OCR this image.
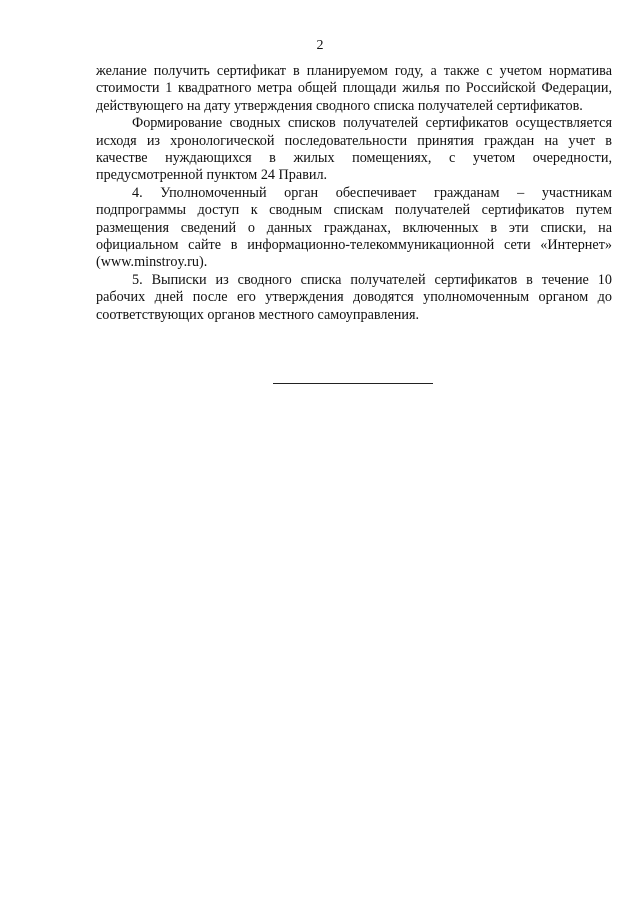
2

желание получить сертификат в планируемом году, а также с учетом норматива стоимости 1 квадратного метра общей площади жилья по Российской Федерации, действующего на дату утверждения сводного списка получателей сертификатов.

Формирование сводных списков получателей сертификатов осуществляется исходя из хронологической последовательности принятия граждан на учет в качестве нуждающихся в жилых помещениях, с учетом очередности, предусмотренной пунктом 24 Правил.

4. Уполномоченный орган обеспечивает гражданам – участникам подпрограммы доступ к сводным спискам получателей сертификатов путем размещения сведений о данных гражданах, включенных в эти списки, на официальном сайте в информационно-телекоммуникационной сети «Интернет» (www.minstroy.ru).

5. Выписки из сводного списка получателей сертификатов в течение 10 рабочих дней после его утверждения доводятся уполномоченным органом до соответствующих органов местного самоуправления.
